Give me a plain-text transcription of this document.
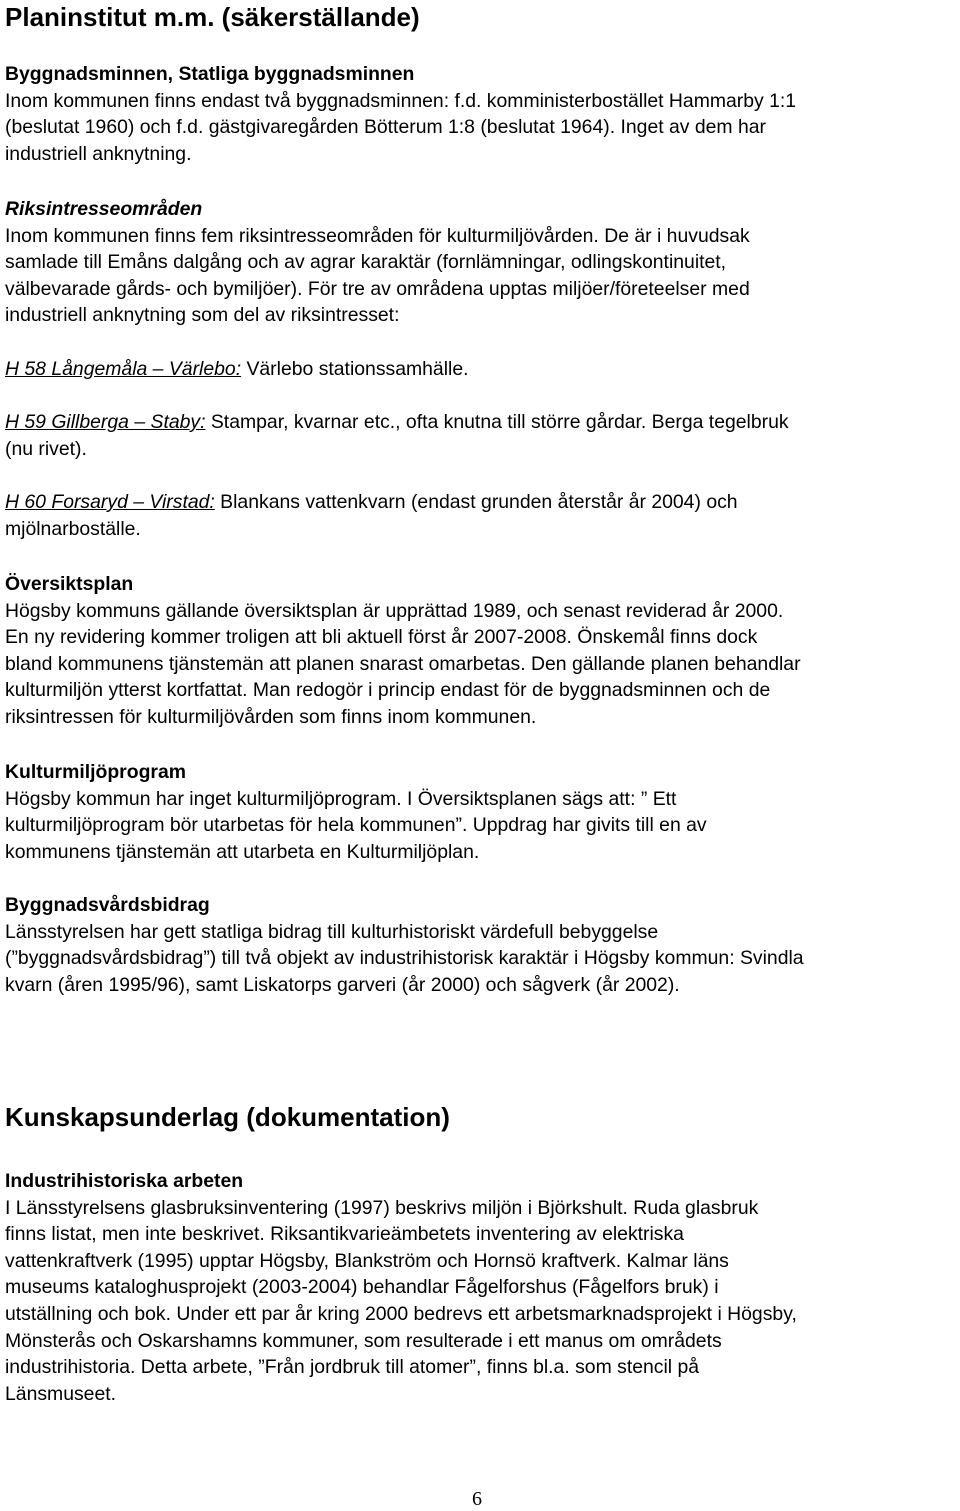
Planinstitut m.m. (säkerställande)
Byggnadsminnen, Statliga byggnadsminnen
Inom kommunen finns endast två byggnadsminnen: f.d. komministerbostället Hammarby 1:1
(beslutat 1960) och f.d. gästgivaregården Bötterum 1:8 (beslutat 1964). Inget av dem har
industriell anknytning.
Riksintresseområden
Inom kommunen finns fem riksintresseområden för kulturmiljövården. De är i huvudsak
samlade till Emåns dalgång och av agrar karaktär (fornlämningar, odlingskontinuitet,
välbevarade gårds- och bymiljöer). För tre av områdena upptas miljöer/företeelser med
industriell anknytning som del av riksintresset:
H 58 Långemåla – Värlebo: Värlebo stationssamhälle.
H 59 Gillberga – Staby: Stampar, kvarnar etc., ofta knutna till större gårdar. Berga tegelbruk
(nu rivet).
H 60 Forsaryd – Virstad: Blankans vattenkvarn (endast grunden återstår år 2004) och
mjölnarboställe.
Översiktsplan
Högsby kommuns gällande översiktsplan är upprättad 1989, och senast reviderad år 2000.
En ny revidering kommer troligen att bli aktuell först år 2007-2008. Önskemål finns dock
bland kommunens tjänstemän att planen snarast omarbetas. Den gällande planen behandlar
kulturmiljön ytterst kortfattat. Man redogör i princip endast för de byggnadsminnen och de
riksintressen för kulturmiljövården som finns inom kommunen.
Kulturmiljöprogram
Högsby kommun har inget kulturmiljöprogram. I Översiktsplanen sägs att: ” Ett
kulturmiljöprogram bör utarbetas för hela kommunen”. Uppdrag har givits till en av
kommunens tjänstemän att utarbeta en Kulturmiljöplan.
Byggnadsvårdsbidrag
Länsstyrelsen har gett statliga bidrag till kulturhistoriskt värdefull bebyggelse
(”byggnadsvårdsbidrag”) till två objekt av industrihistorisk karaktär i Högsby kommun: Svindla
kvarn (åren 1995/96), samt Liskatorps garveri (år 2000) och sågverk (år 2002).
Kunskapsunderlag (dokumentation)
Industrihistoriska arbeten
I Länsstyrelsens glasbruksinventering (1997) beskrivs miljön i Björkshult. Ruda glasbruk
finns listat, men inte beskrivet. Riksantikvarieämbetets inventering av elektriska
vattenkraftverk (1995) upptar Högsby, Blankström och Hornsö kraftverk. Kalmar läns
museums kataloghusprojekt (2003-2004) behandlar Fågelforshus (Fågelfors bruk) i
utställning och bok. Under ett par år kring 2000 bedrevs ett arbetsmarknadsprojekt i Högsby,
Mönsterås och Oskarshamns kommuner, som resulterade i ett manus om områdets
industrihistoria. Detta arbete, ”Från jordbruk till atomer”, finns bl.a. som stencil på
Länsmuseet.
6
